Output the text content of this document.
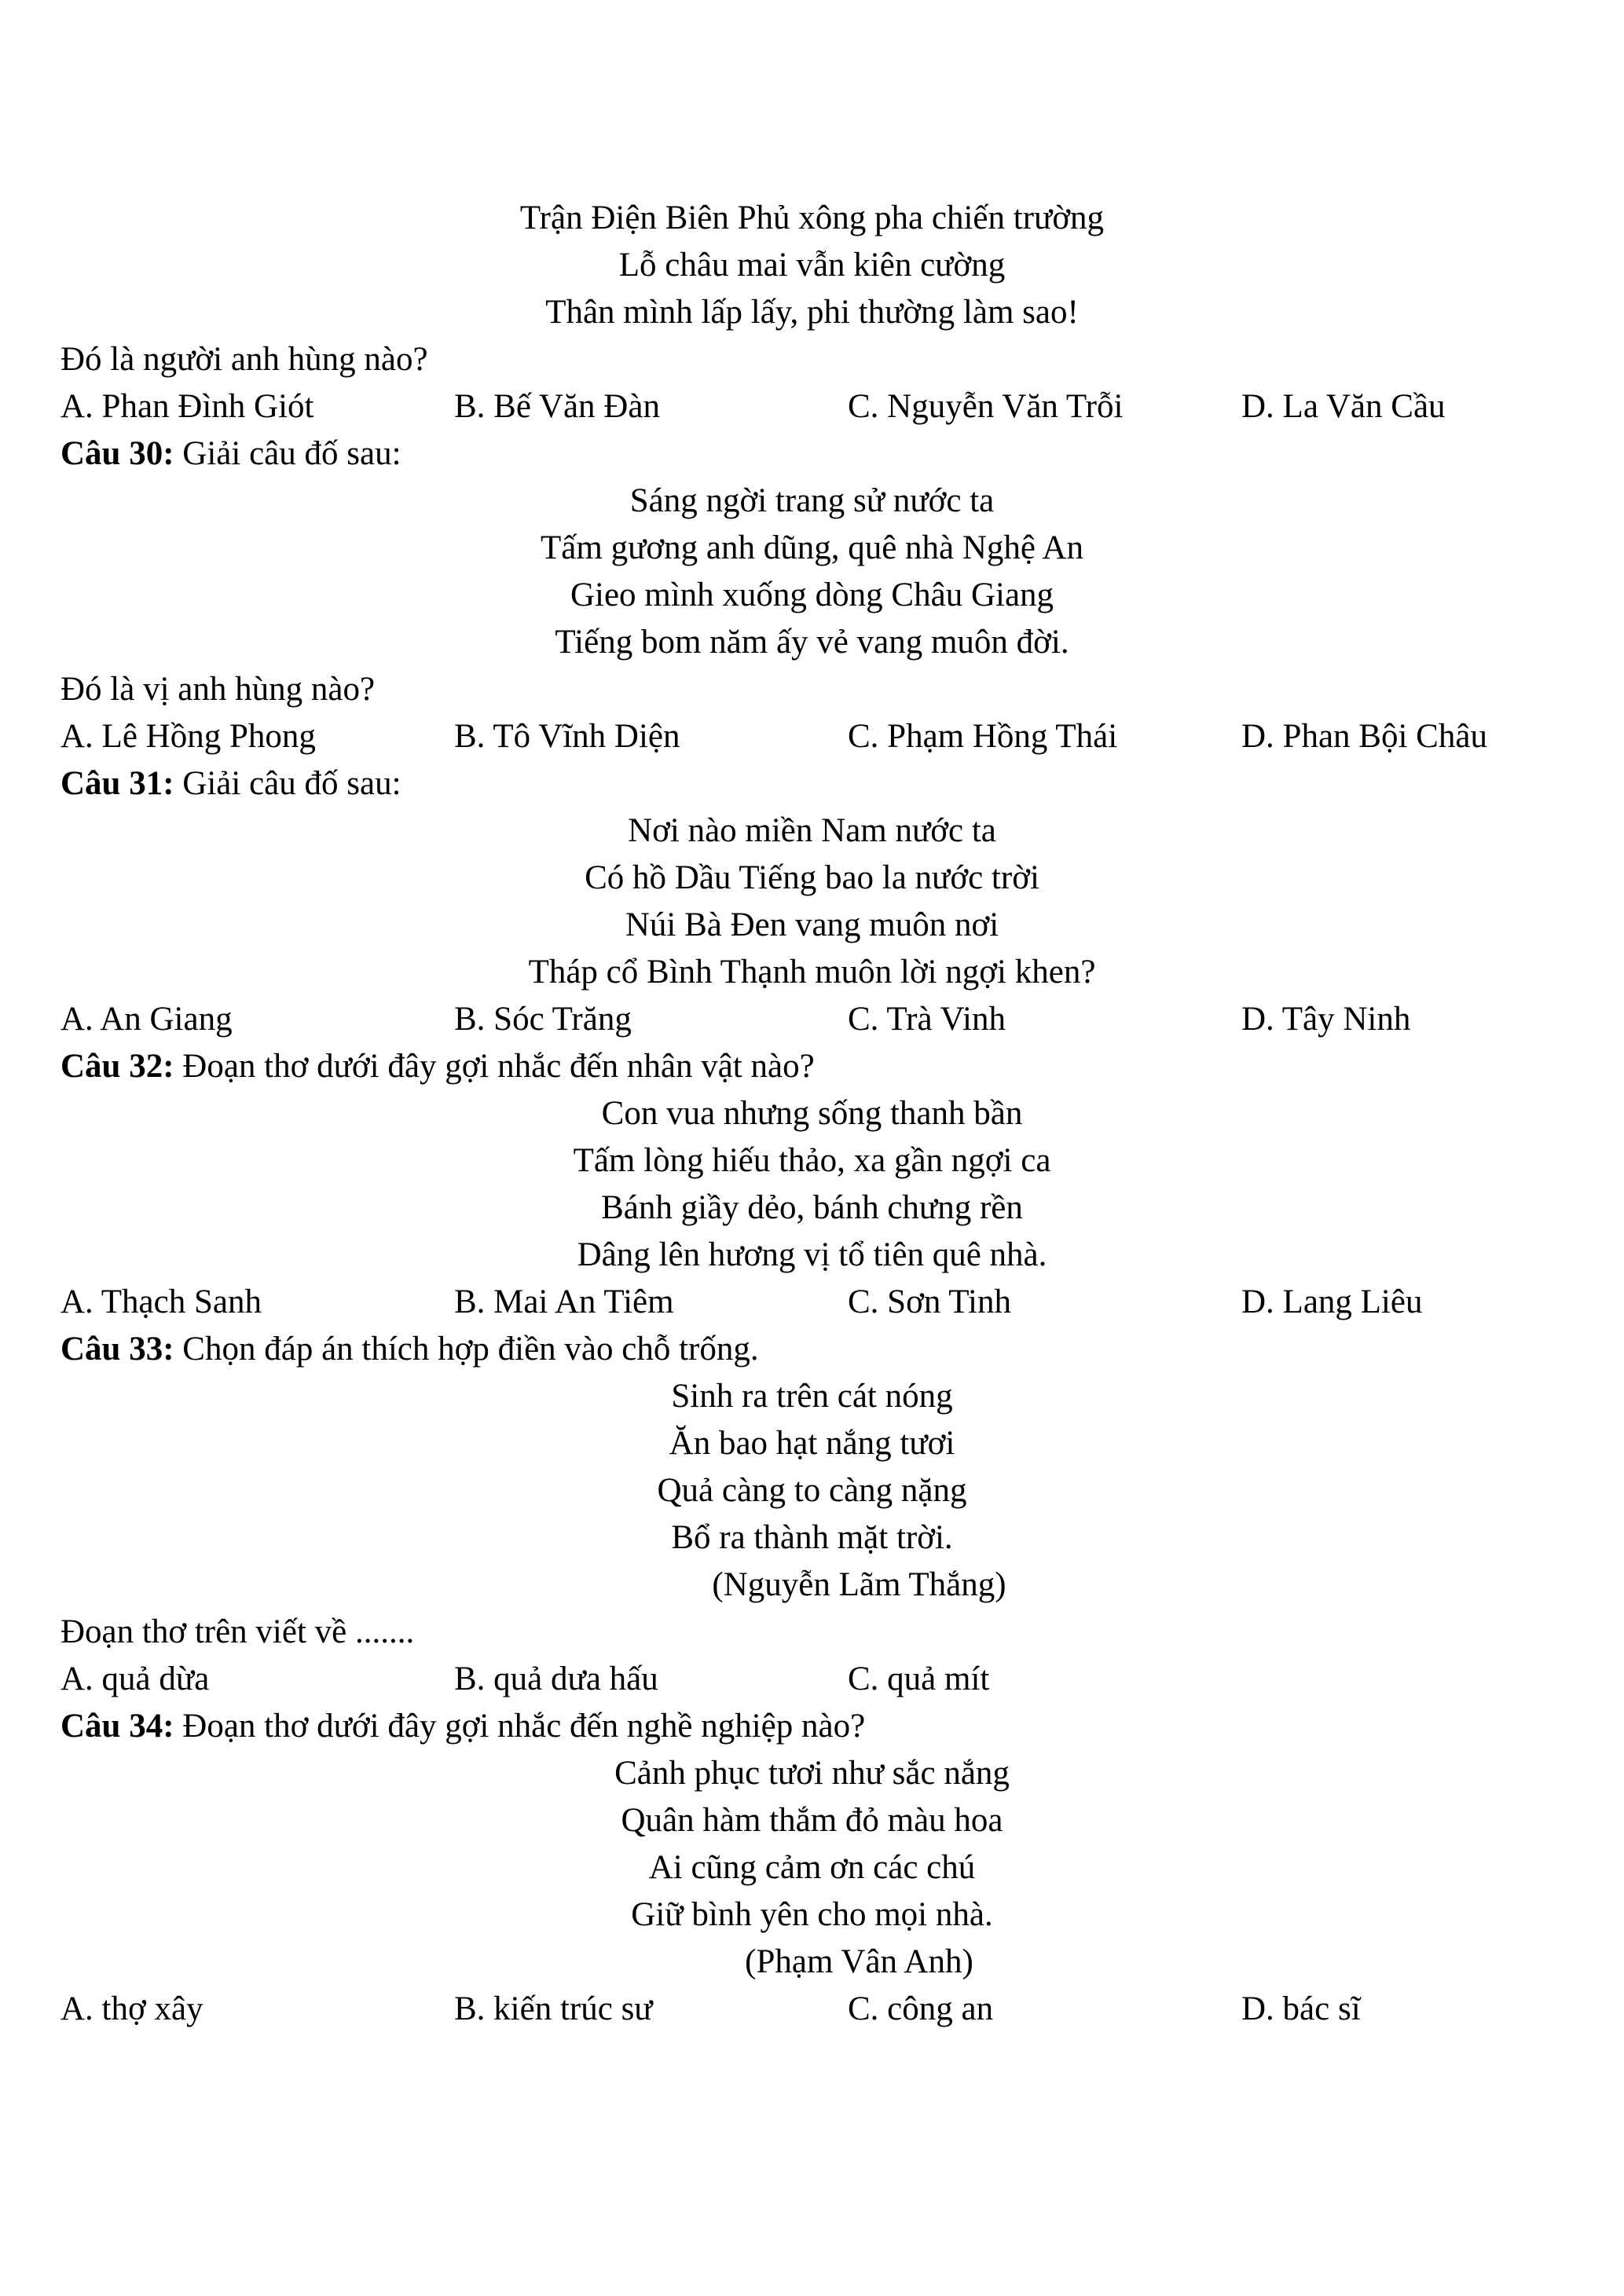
Trận Điện Biên Phủ xông pha chiến trường
Lỗ châu mai vẫn kiên cường
Thân mình lấp lấy, phi thường làm sao!
Đó là người anh hùng nào?
A. Phan Đình Giót	B. Bế Văn Đàn	C. Nguyễn Văn Trỗi	D. La Văn Cầu
Câu 30: Giải câu đố sau:
Sáng ngời trang sử nước ta
Tấm gương anh dũng, quê nhà Nghệ An
Gieo mình xuống dòng Châu Giang
Tiếng bom năm ấy vẻ vang muôn đời.
Đó là vị anh hùng nào?
A. Lê Hồng Phong	B. Tô Vĩnh Diện	C. Phạm Hồng Thái	D. Phan Bội Châu
Câu 31: Giải câu đố sau:
Nơi nào miền Nam nước ta
Có hồ Dầu Tiếng bao la nước trời
Núi Bà Đen vang muôn nơi
Tháp cổ Bình Thạnh muôn lời ngợi khen?
A. An Giang	B. Sóc Trăng	C. Trà Vinh	D. Tây Ninh
Câu 32: Đoạn thơ dưới đây gợi nhắc đến nhân vật nào?
Con vua nhưng sống thanh bần
Tấm lòng hiếu thảo, xa gần ngợi ca
Bánh giầy dẻo, bánh chưng rền
Dâng lên hương vị tổ tiên quê nhà.
A. Thạch Sanh	B. Mai An Tiêm	C. Sơn Tinh	D. Lang Liêu
Câu 33: Chọn đáp án thích hợp điền vào chỗ trống.
Sinh ra trên cát nóng
Ăn bao hạt nắng tươi
Quả càng to càng nặng
Bổ ra thành mặt trời.
(Nguyễn Lãm Thắng)
Đoạn thơ trên viết về .......
A. quả dừa	B. quả dưa hấu	C. quả mít
Câu 34: Đoạn thơ dưới đây gợi nhắc đến nghề nghiệp nào?
Cảnh phục tươi như sắc nắng
Quân hàm thắm đỏ màu hoa
Ai cũng cảm ơn các chú
Giữ bình yên cho mọi nhà.
(Phạm Vân Anh)
A. thợ xây	B. kiến trúc sư	C. công an	D. bác sĩ
